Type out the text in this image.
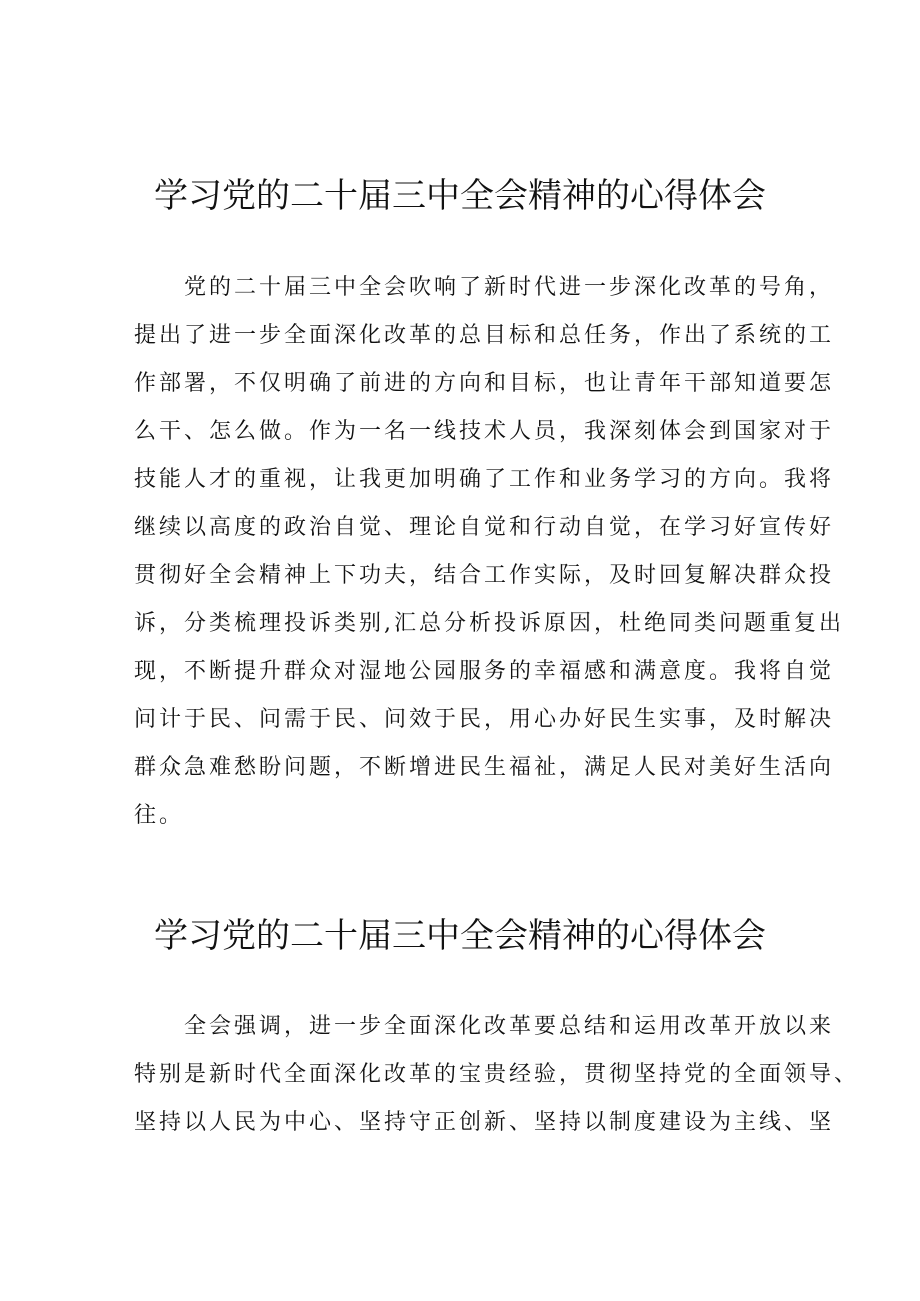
学习党的二十届三中全会精神的心得体会
　　党的二十届三中全会吹响了新时代进一步深化改革的号角，
提出了进一步全面深化改革的总目标和总任务，作出了系统的工
作部署，不仅明确了前进的方向和目标，也让青年干部知道要怎
么干、怎么做。作为一名一线技术人员，我深刻体会到国家对于
技能人才的重视，让我更加明确了工作和业务学习的方向。我将
继续以高度的政治自觉、理论自觉和行动自觉，在学习好宣传好
贯彻好全会精神上下功夫，结合工作实际，及时回复解决群众投
诉，分类梳理投诉类别,汇总分析投诉原因，杜绝同类问题重复出
现，不断提升群众对湿地公园服务的幸福感和满意度。我将自觉
问计于民、问需于民、问效于民，用心办好民生实事，及时解决
群众急难愁盼问题，不断增进民生福祉，满足人民对美好生活向
往。
学习党的二十届三中全会精神的心得体会
　　全会强调，进一步全面深化改革要总结和运用改革开放以来
特别是新时代全面深化改革的宝贵经验，贯彻坚持党的全面领导、
坚持以人民为中心、坚持守正创新、坚持以制度建设为主线、坚
